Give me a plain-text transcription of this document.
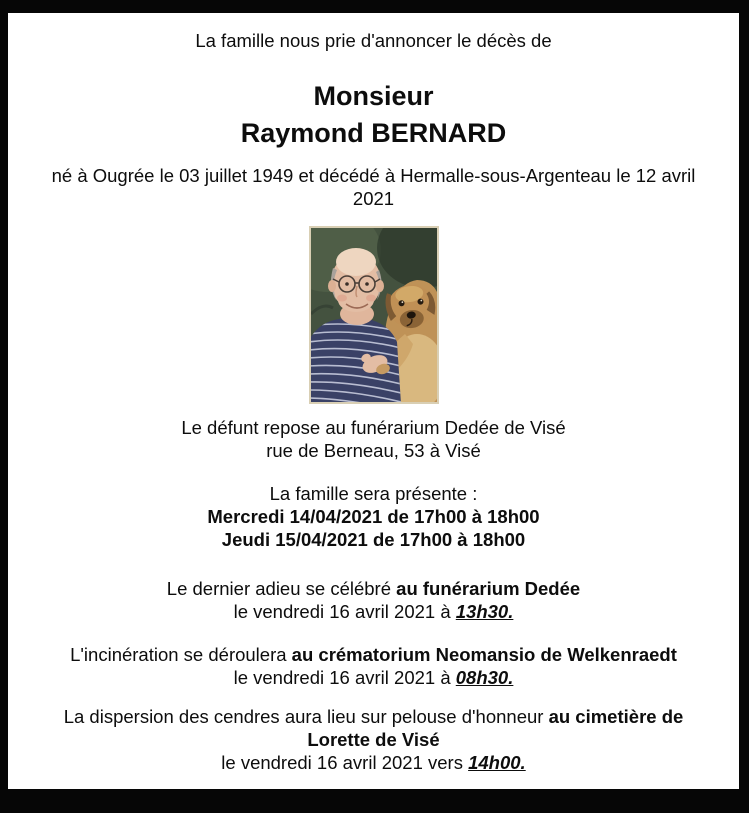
La famille nous prie d'annoncer le décès de

Monsieur
Raymond BERNARD

né à Ougrée le 03 juillet 1949 et décédé à Hermalle-sous-Argenteau le 12 avril 2021

Le défunt repose au funérarium Dedée de Visé
rue de Berneau, 53 à Visé

La famille sera présente :
Mercredi 14/04/2021 de 17h00 à 18h00
Jeudi 15/04/2021 de 17h00 à 18h00

Le dernier adieu se célébré au funérarium Dedée
le vendredi 16 avril 2021 à 13h30.

L'incinération se déroulera au crématorium Neomansio de Welkenraedt
le vendredi 16 avril 2021 à 08h30.

La dispersion des cendres aura lieu sur pelouse d'honneur au cimetière de Lorette de Visé
le vendredi 16 avril 2021 vers 14h00.
